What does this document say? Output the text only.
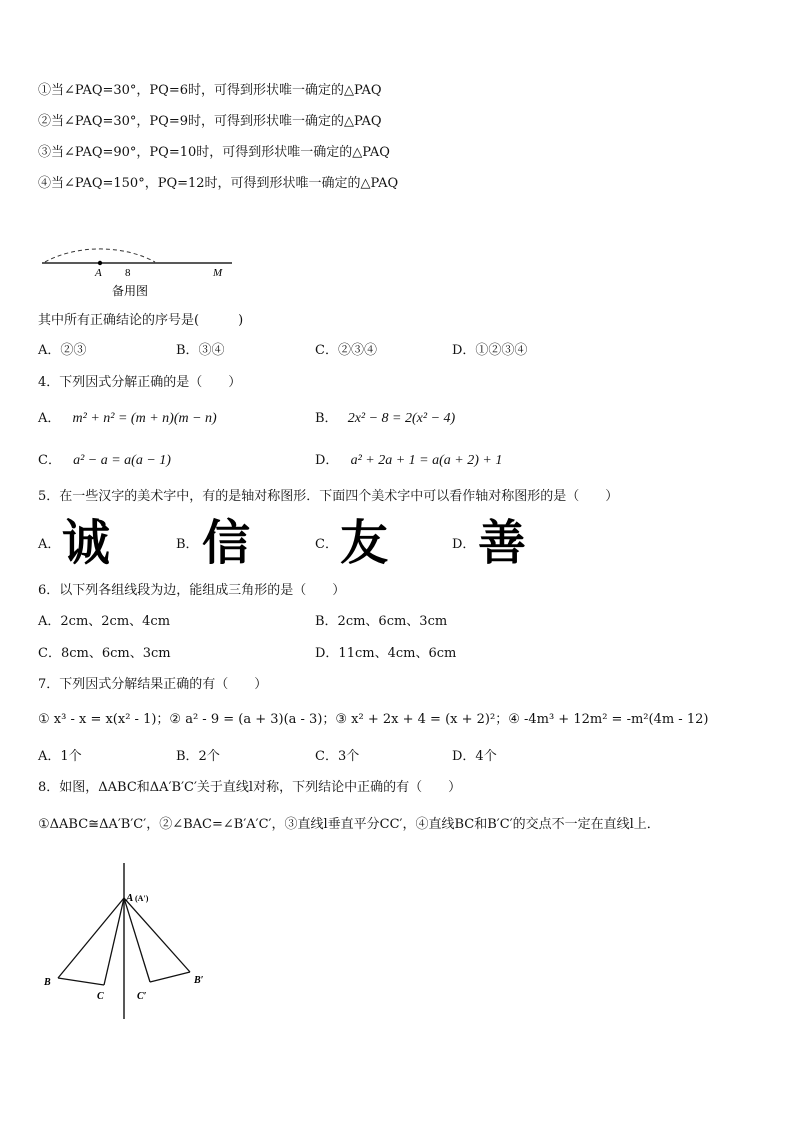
①当∠PAQ=30°，PQ=6时，可得到形状唯一确定的△PAQ
②当∠PAQ=30°，PQ=9时，可得到形状唯一确定的△PAQ
③当∠PAQ=90°，PQ=10时，可得到形状唯一确定的△PAQ
④当∠PAQ=150°，PQ=12时，可得到形状唯一确定的△PAQ
A 8	M
备用图
其中所有正确结论的序号是(　　　)
A．②③	B．③④	C．②③④	D．①②③④
4．下列因式分解正确的是（　　）
A． m² + n² = (m + n)(m − n)	B． 2x² − 8 = 2(x² − 4)
C． a² − a = a(a − 1)	D． a² + 2a + 1 = a(a + 2) + 1
5．在一些汉字的美术字中，有的是轴对称图形．下面四个美术字中可以看作轴对称图形的是（　　）
A． 诚	B． 信	C． 友	D． 善
6．以下列各组线段为边，能组成三角形的是（　　）
A．2cm、2cm、4cm	B．2cm、6cm、3cm
C．8cm、6cm、3cm	D．11cm、4cm、6cm
7．下列因式分解结果正确的有（　　）
① x³ - x = x(x² - 1)；② a² - 9 = (a + 3)(a - 3)；③ x² + 2x + 4 = (x + 2)²；④ -4m³ + 12m² = -m²(4m - 12)
A．1个	B．2个	C．3个	D．4个
8．如图，ΔABC和ΔA′B′C′关于直线l对称，下列结论中正确的有（　　）
①ΔABC≅ΔA′B′C′，②∠BAC=∠B′A′C′，③直线l垂直平分CC′，④直线BC和B′C′的交点不一定在直线l上．
A (A′)
B
C	C′
B′
